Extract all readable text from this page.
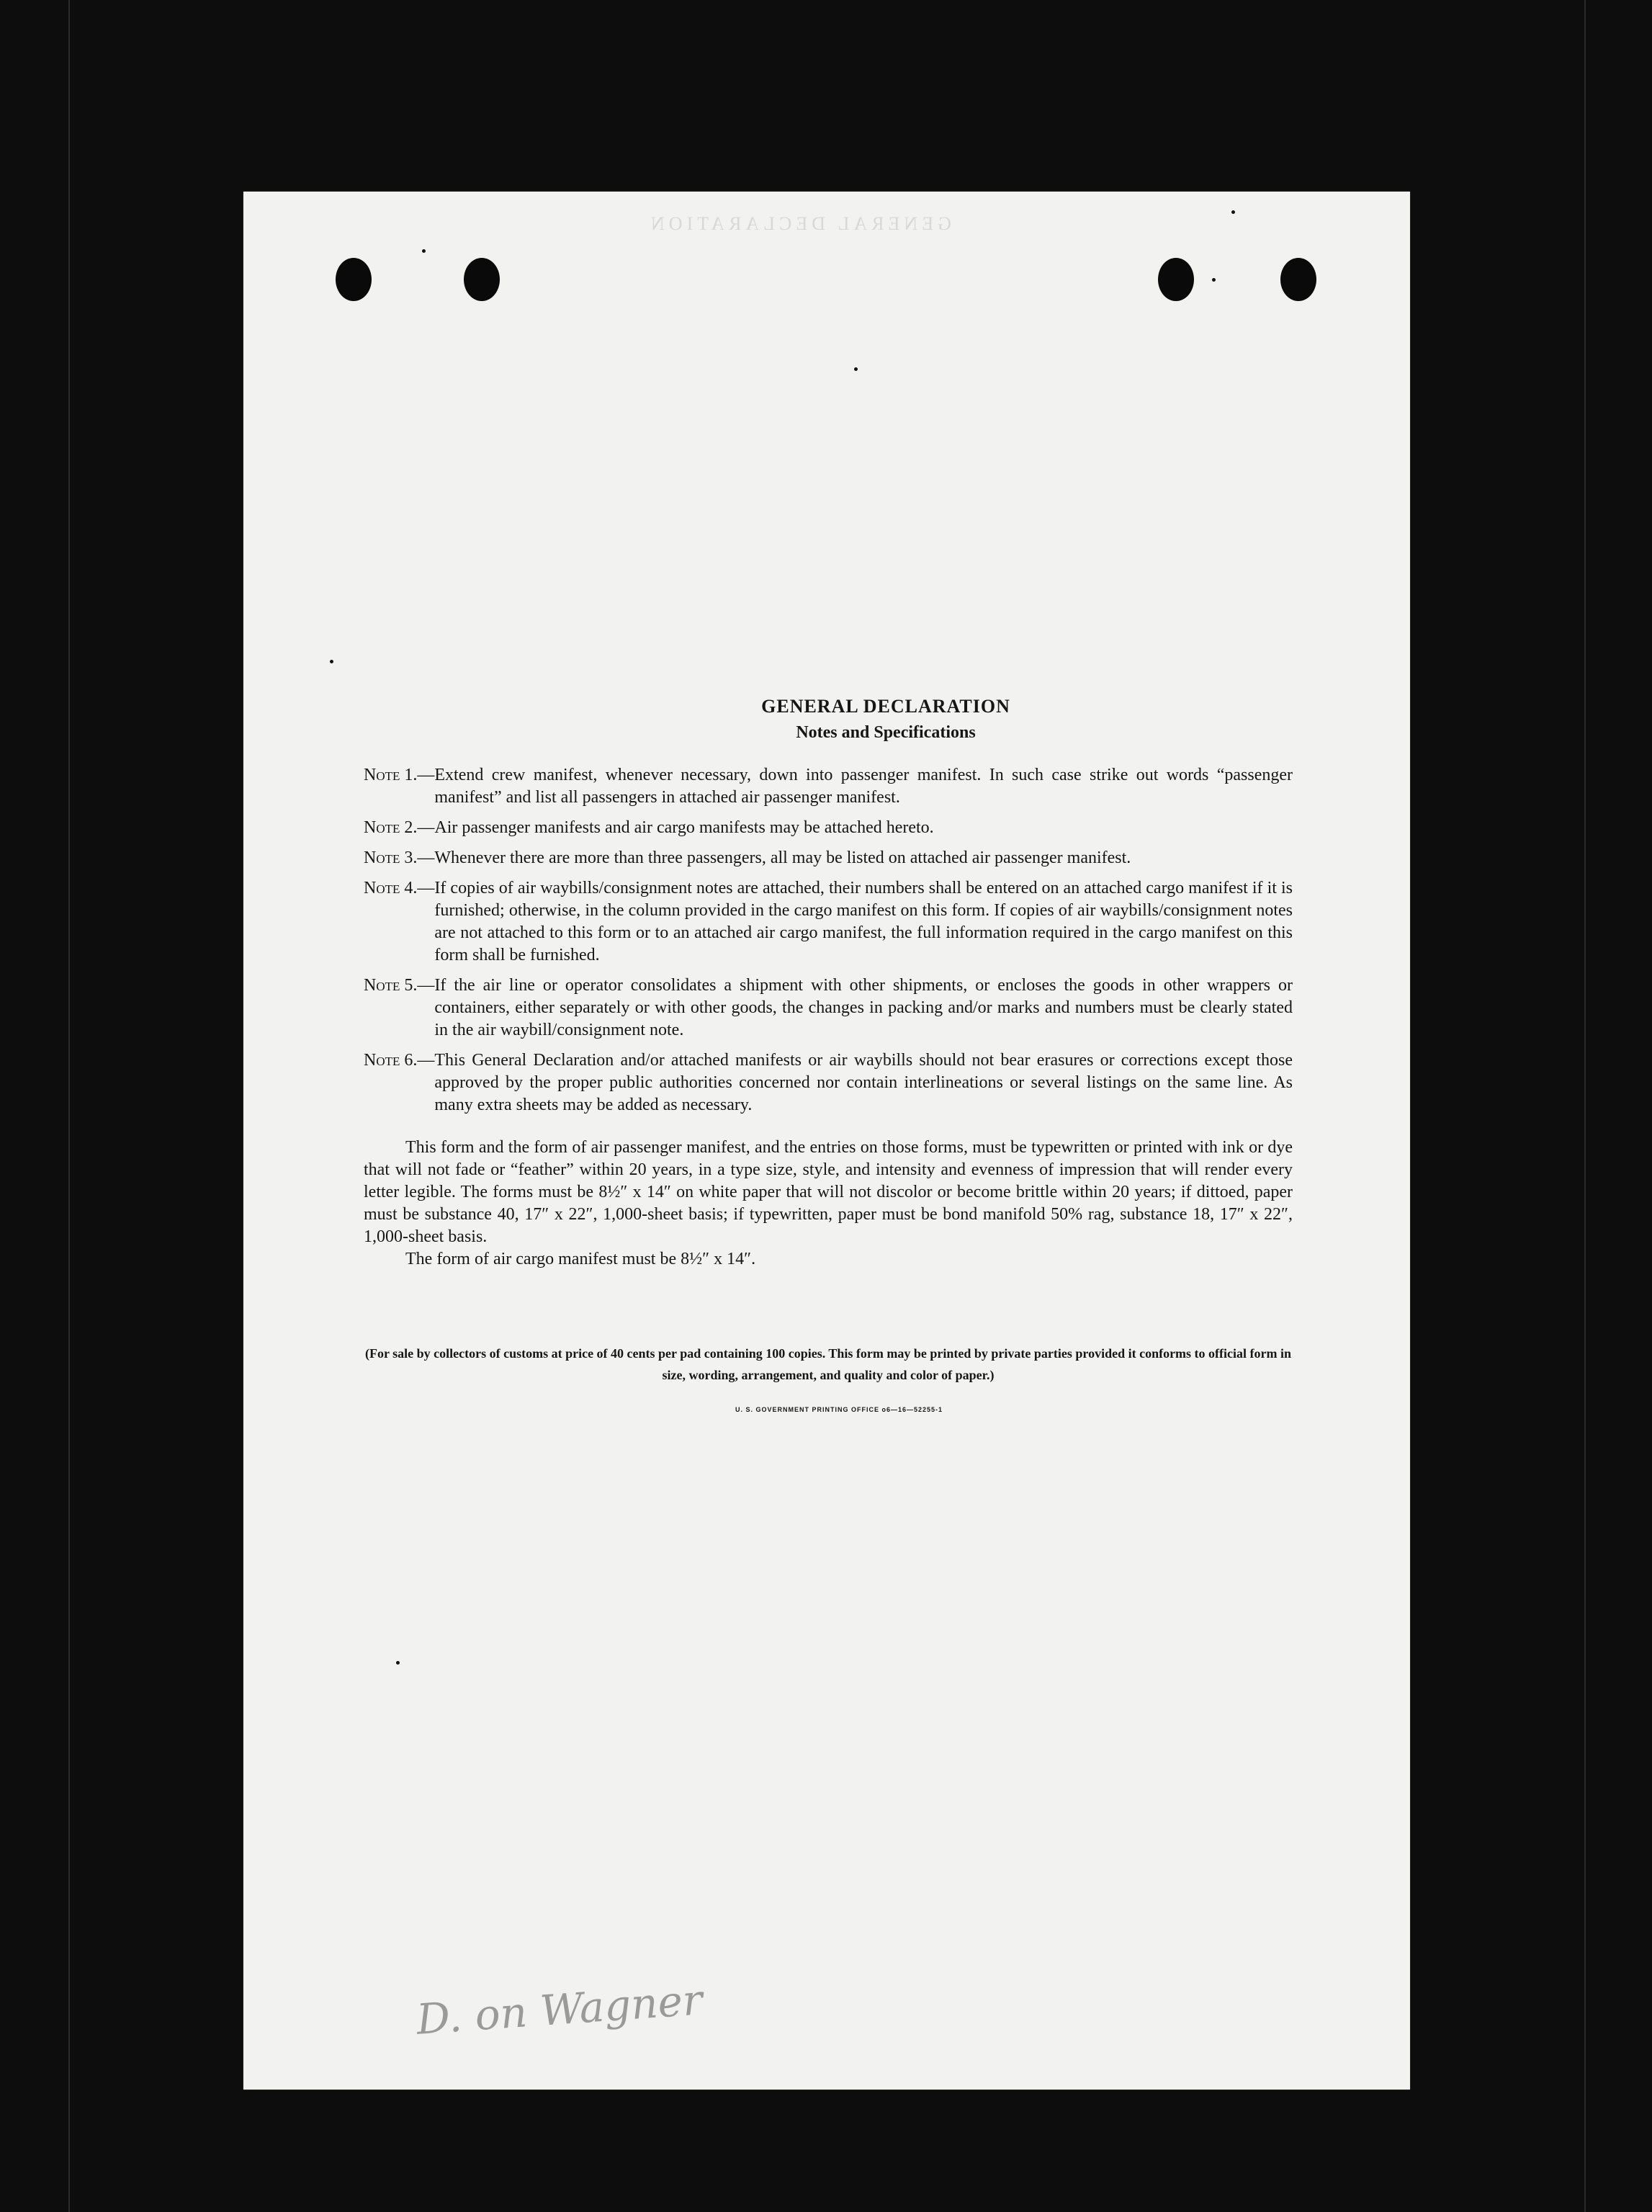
GENERAL DECLARATION
GENERAL DECLARATION
Notes and Specifications
Note 1.— Extend crew manifest, whenever necessary, down into passenger manifest. In such case strike out words “passenger manifest” and list all passengers in attached air passenger manifest.
Note 2.— Air passenger manifests and air cargo manifests may be attached hereto.
Note 3.— Whenever there are more than three passengers, all may be listed on attached air passenger manifest.
Note 4.— If copies of air waybills/consignment notes are attached, their numbers shall be entered on an attached cargo manifest if it is furnished; otherwise, in the column provided in the cargo manifest on this form. If copies of air waybills/consignment notes are not attached to this form or to an attached air cargo manifest, the full information required in the cargo manifest on this form shall be furnished.
Note 5.— If the air line or operator consolidates a shipment with other shipments, or encloses the goods in other wrappers or containers, either separately or with other goods, the changes in packing and/or marks and numbers must be clearly stated in the air waybill/consignment note.
Note 6.— This General Declaration and/or attached manifests or air waybills should not bear erasures or corrections except those approved by the proper public authorities concerned nor contain interlineations or several listings on the same line. As many extra sheets may be added as necessary.
This form and the form of air passenger manifest, and the entries on those forms, must be typewritten or printed with ink or dye that will not fade or “feather” within 20 years, in a type size, style, and intensity and evenness of impression that will render every letter legible. The forms must be 8½″ x 14″ on white paper that will not discolor or become brittle within 20 years; if dittoed, paper must be substance 40, 17″ x 22″, 1,000-sheet basis; if typewritten, paper must be bond manifold 50% rag, substance 18, 17″ x 22″, 1,000-sheet basis.
The form of air cargo manifest must be 8½″ x 14″.
(For sale by collectors of customs at price of 40 cents per pad containing 100 copies. This form may be printed by private parties provided it conforms to official form in size, wording, arrangement, and quality and color of paper.)
U. S. GOVERNMENT PRINTING OFFICE o6—16—52255-1
D. on Wagner
